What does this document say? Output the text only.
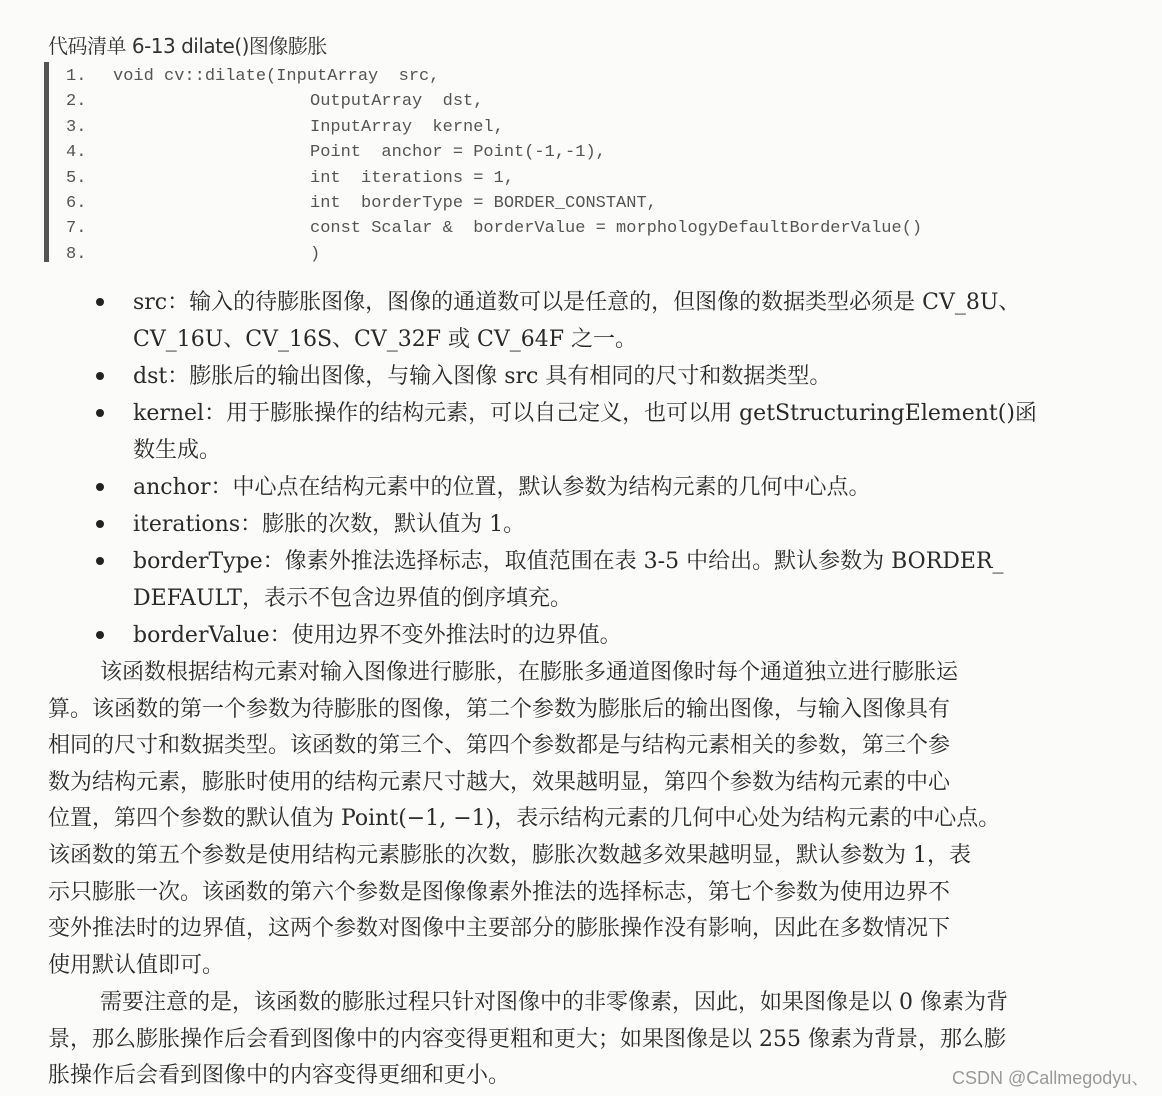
代码清单 6-13 dilate()图像膨胀
1. void cv::dilate(InputArray  src,
2.	OutputArray  dst,
3.	InputArray  kernel,
4.	Point  anchor = Point(-1,-1),
5.	int  iterations = 1,
6.	int  borderType = BORDER_CONSTANT,
7.	const Scalar &  borderValue = morphologyDefaultBorderValue()
8.	)
src：输入的待膨胀图像，图像的通道数可以是任意的，但图像的数据类型必须是 CV_8U、
CV_16U、CV_16S、CV_32F 或 CV_64F 之一。
dst：膨胀后的输出图像，与输入图像 src 具有相同的尺寸和数据类型。
kernel：用于膨胀操作的结构元素，可以自己定义，也可以用 getStructuringElement()函
数生成。
anchor：中心点在结构元素中的位置，默认参数为结构元素的几何中心点。
iterations：膨胀的次数，默认值为 1。
borderType：像素外推法选择标志，取值范围在表 3-5 中给出。默认参数为 BORDER_
DEFAULT，表示不包含边界值的倒序填充。
borderValue：使用边界不变外推法时的边界值。
该函数根据结构元素对输入图像进行膨胀，在膨胀多通道图像时每个通道独立进行膨胀运
算。该函数的第一个参数为待膨胀的图像，第二个参数为膨胀后的输出图像，与输入图像具有
相同的尺寸和数据类型。该函数的第三个、第四个参数都是与结构元素相关的参数，第三个参
数为结构元素，膨胀时使用的结构元素尺寸越大，效果越明显，第四个参数为结构元素的中心
位置，第四个参数的默认值为 Point(−1, −1)，表示结构元素的几何中心处为结构元素的中心点。
该函数的第五个参数是使用结构元素膨胀的次数，膨胀次数越多效果越明显，默认参数为 1，表
示只膨胀一次。该函数的第六个参数是图像像素外推法的选择标志，第七个参数为使用边界不
变外推法时的边界值，这两个参数对图像中主要部分的膨胀操作没有影响，因此在多数情况下
使用默认值即可。
需要注意的是，该函数的膨胀过程只针对图像中的非零像素，因此，如果图像是以 0 像素为背
景，那么膨胀操作后会看到图像中的内容变得更粗和更大；如果图像是以 255 像素为背景，那么膨
胀操作后会看到图像中的内容变得更细和更小。	CSDN @Callmegodyu、
